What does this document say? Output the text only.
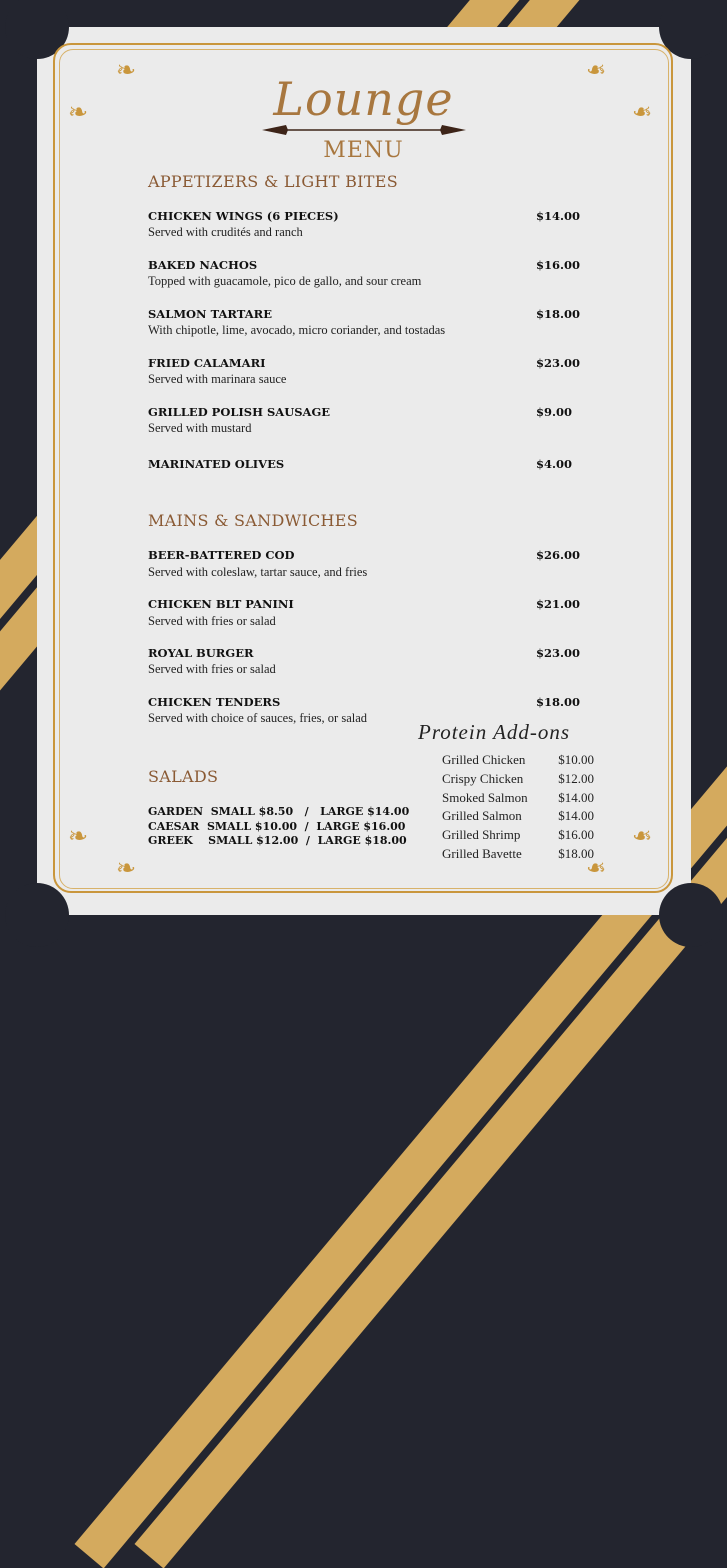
❧	❧
❧	❧
❧	❧
❧	❧
Lounge
MENU
APPETIZERS & LIGHT BITES
CHICKEN WINGS (6 PIECES)	$14.00
Served with crudités and ranch
BAKED NACHOS	$16.00
Topped with guacamole, pico de gallo, and sour cream
SALMON TARTARE	$18.00
With chipotle, lime, avocado, micro coriander, and tostadas
FRIED CALAMARI	$23.00
Served with marinara sauce
GRILLED POLISH SAUSAGE	$9.00
Served with mustard
MARINATED OLIVES	$4.00
MAINS & SANDWICHES
BEER-BATTERED COD	$26.00
Served with coleslaw, tartar sauce, and fries
CHICKEN BLT PANINI	$21.00
Served with fries or salad
ROYAL BURGER	$23.00
Served with fries or salad
CHICKEN TENDERS	$18.00
Served with choice of sauces, fries, or salad
SALADS
GARDEN  SMALL $8.50   /   LARGE $14.00
CAESAR  SMALL $10.00  /  LARGE $16.00
GREEK    SMALL $12.00  /  LARGE $18.00
Protein Add-ons
Grilled Chicken	$10.00
Crispy Chicken	$12.00
Smoked Salmon $14.00
Grilled Salmon	$14.00
Grilled Shrimp	$16.00
Grilled Bavette	$18.00
